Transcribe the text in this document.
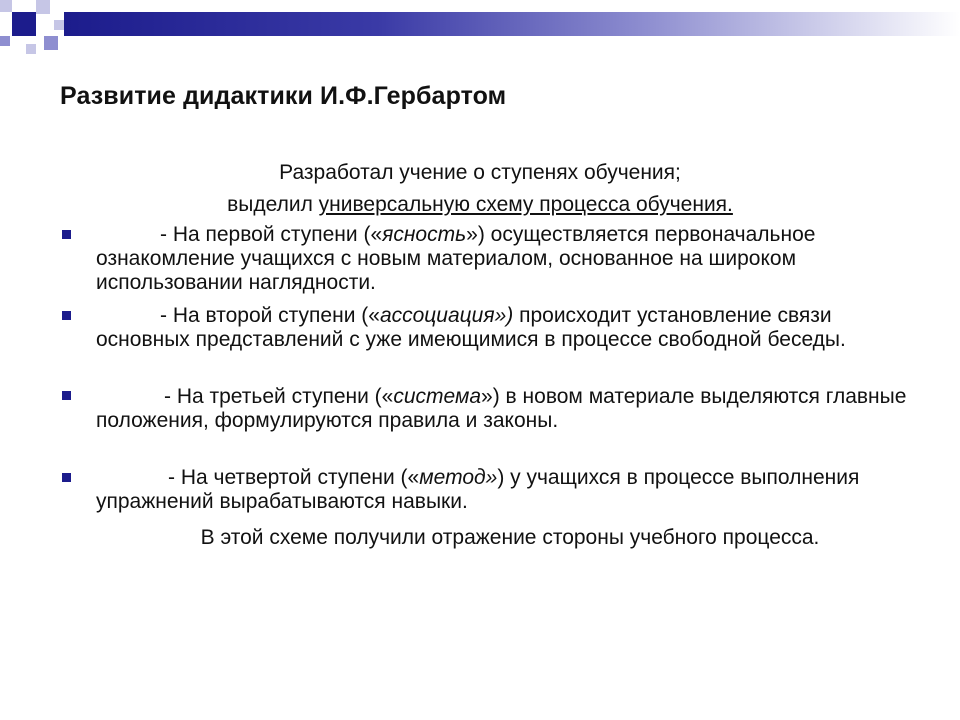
Развитие дидактики И.Ф.Гербартом
Разработал учение о ступенях обучения;
выделил универсальную схему процесса обучения.
- На первой ступени («ясность») осуществляется первоначальное ознакомление учащихся с новым материалом, основанное на широком использовании наглядности.
- На второй ступени («ассоциация») происходит установление связи основных представлений с уже имеющимися в процессе свободной беседы.
- На третьей ступени («система») в новом материале выделяются главные положения, формулируются правила и законы.
- На четвертой ступени («метод») у учащихся в процессе выполнения упражнений вырабатываются навыки.
В этой схеме получили отражение стороны учебного процесса.
